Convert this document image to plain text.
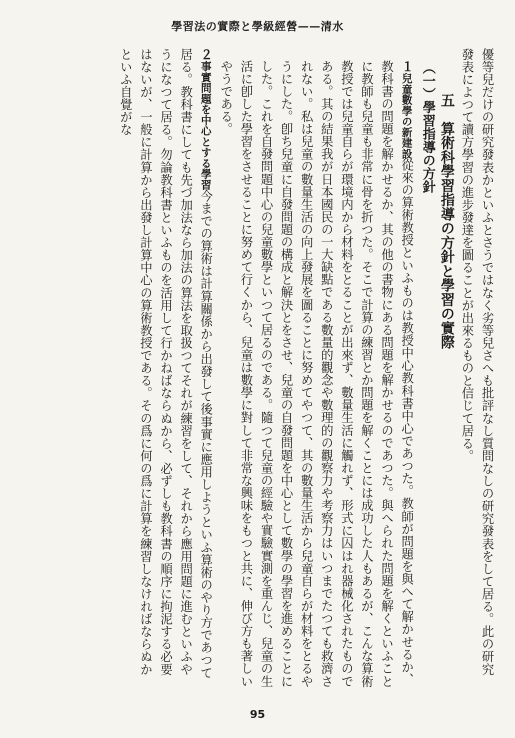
學習法の實際と學級經營——清水

優等兒だけの研究發表かといふとさうではなく劣等兒さへも批評なし質問なしの研究發表をして居る。此の研究發表によつて讀方學習の進步發達を圖ることが出來るものと信じて居る。

五　算術科學習指導の方針と學習の實際
（一）學習指導の方針

１兒童數學の新建設從來の算術教授といふものは教授中心教科書中心であつた。教師が問題を與へて解かせるか、教科書の問題を解かせるか、其の他の書物にある問題を解かせるのであつた。與へられた問題を解くといふことに教師も兒童も非常に骨を折つた。そこで計算の練習とか問題を解くことには成功した人もあるが、こんな算術教授では兒童自らが環境内から材料をとることが出來ず、數量生活に觸れず、形式に囚はれ器械化されたものである。其の結果我が日本國民の一大缺點である數量的觀念や數理的の觀察力や考察力はいつまでたつても救濟されない。私は兒童の數量生活の向上發展を圖ることに努めてやつて、其の數量生活から兒童自らが材料をとるやうにした。卽ち兒童に自發問題の構成と解決とをさせ、兒童の自發問題を中心として數學の學習を進めることにした。これを自發問題中心の兒童數學といつて居るのである。隨つて兒童の經驗や實驗實測を重んじ、兒童の生活に卽した學習をさせることに努めて行くから、兒童は數學に對して非常な興味をもつと共に、伸び方も著しいやうである。

２事實問題を中心とする學習今までの算術は計算關係から出發して後事實に應用しようといふ算術のやり方であつて居る。教科書にしても先づ加法なら加法の算法を取扱つてそれが練習をして、それから應用問題に進むといふやうになつて居る。勿論教科書といふものを活用して行かねばならぬから、必ずしも教科書の順序に拘泥する必要はないが、一般に計算から出發し計算中心の算術教授である。その爲に何の爲に計算を練習しなければならぬかといふ自覺がな

95
